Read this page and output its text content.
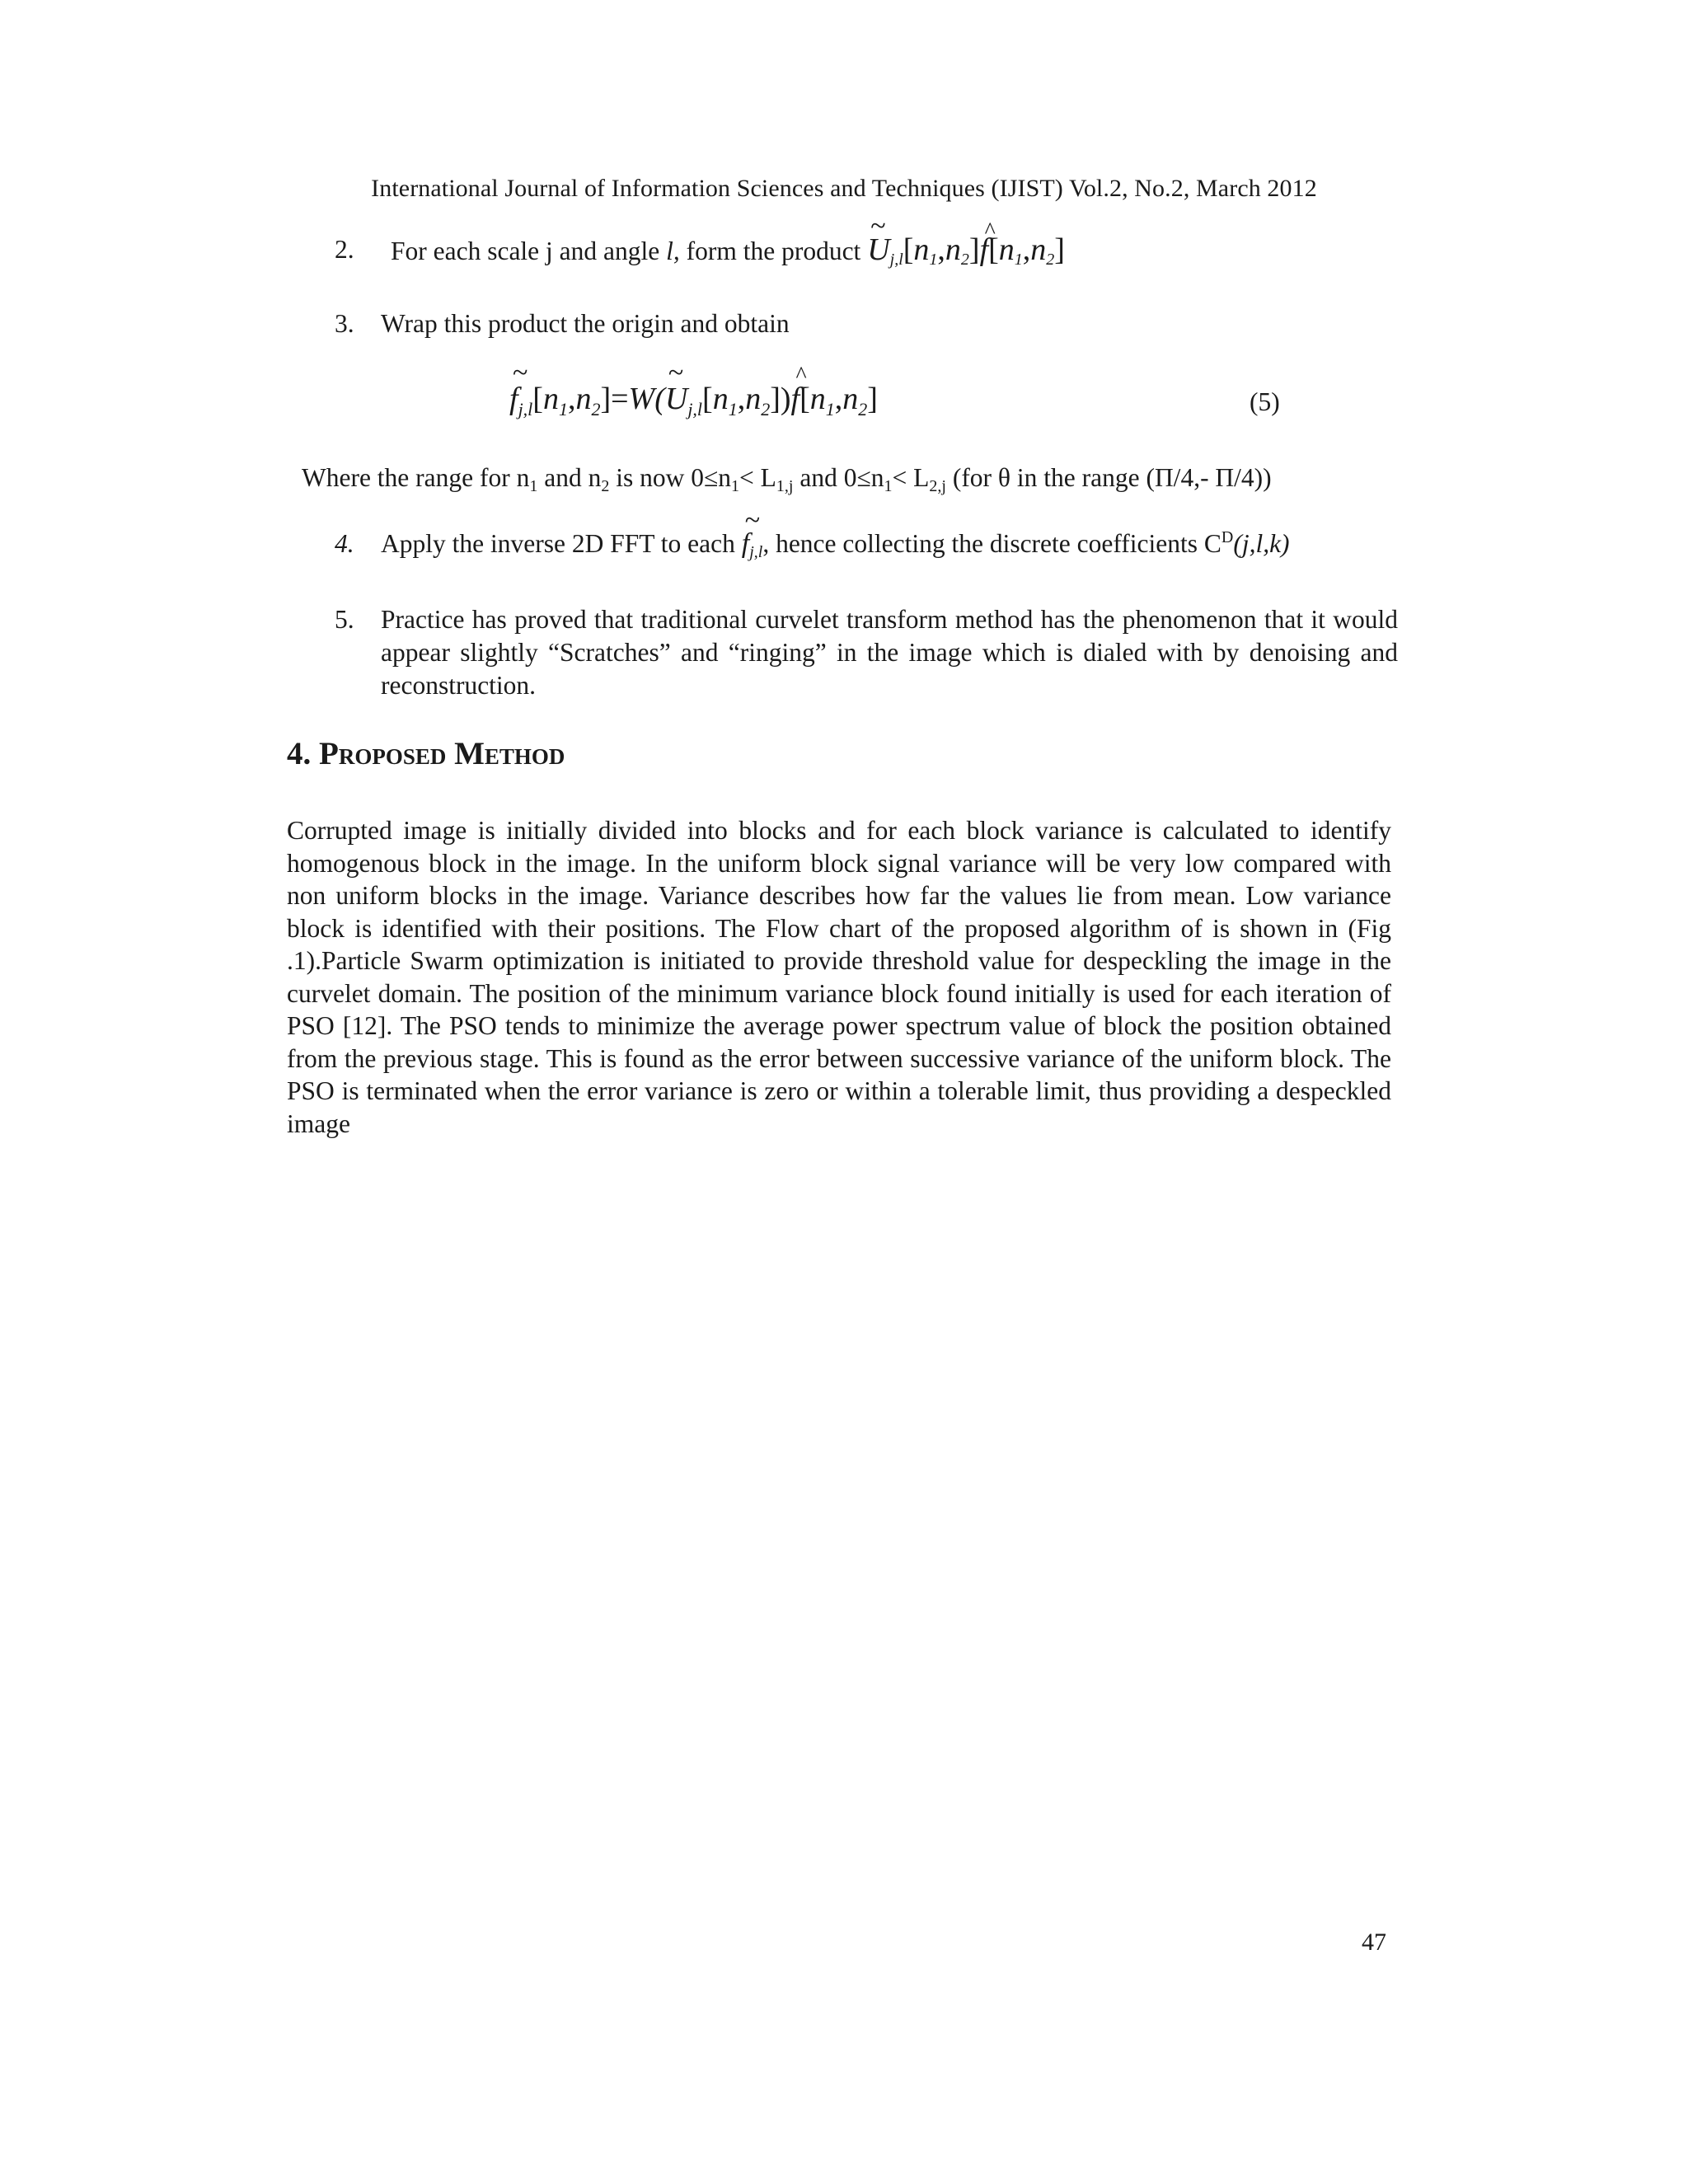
International Journal of Information Sciences and Techniques (IJIST) Vol.2, No.2, March 2012
2. For each scale j and angle l, form the product ~ $U_{j,l}[n_1,n_2]\^{}$ $f[n_1,n_2]$
3. Wrap this product the origin and obtain
~ $f_{j,l}[n_1,n_2]=W(\sim$ $U_{j,l}[n_1,n_2])\^{}$ $f[n_1,n_2]$	(5)
Where the range for $n_1$ and $n_2$ is now $0\le n_1< L_{1,j}$ and $0\le n_1< L_{2,j}$ (for θ in the range (Π/4,- Π/4))
4. Apply the inverse 2D FFT to each ~ $f_{j,l}$, hence collecting the discrete coefficients $C^D(j,l,k)$
5. Practice has proved that traditional curvelet transform method has the phenomenon that it would appear slightly “Scratches” and “ringing” in the image which is dialed with by denoising and reconstruction.
4. Proposed Method
Corrupted image is initially divided into blocks and for each block variance is calculated to identify homogenous block in the image. In the uniform block signal variance will be very low compared with non uniform blocks in the image. Variance describes how far the values lie from mean. Low variance block is identified with their positions. The Flow chart of the proposed algorithm of is shown in (Fig .1).Particle Swarm optimization is initiated to provide threshold value for despeckling the image in the curvelet domain. The position of the minimum variance block found initially is used for each iteration of PSO [12]. The PSO tends to minimize the average power spectrum value of block the position obtained from the previous stage. This is found as the error between successive variance of the uniform block. The PSO is terminated when the error variance is zero or within a tolerable limit, thus providing a despeckled image
47
